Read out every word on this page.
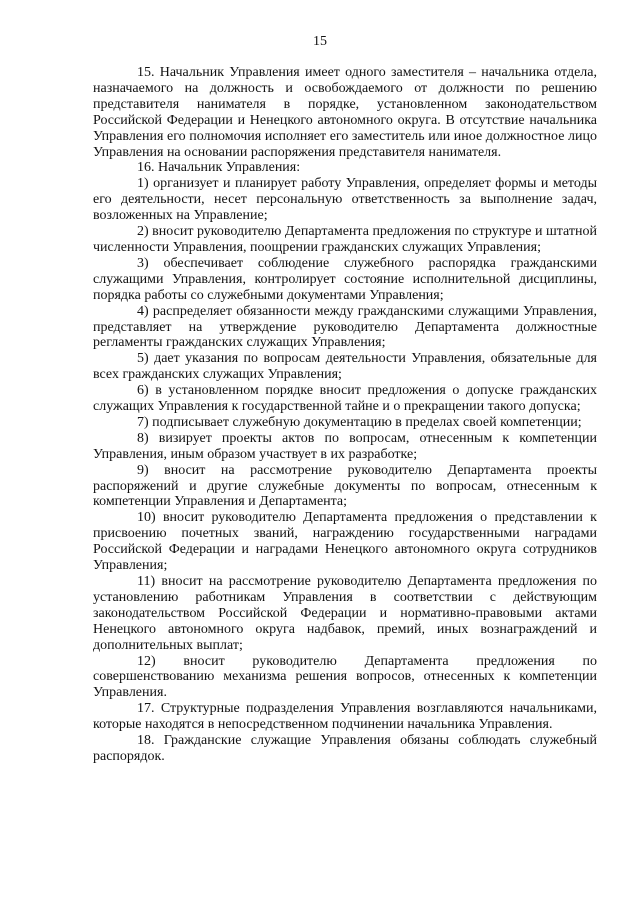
15

15. Начальник Управления имеет одного заместителя – начальника отдела, назначаемого на должность и освобождаемого от должности по решению представителя нанимателя в порядке, установленном законодательством Российской Федерации и Ненецкого автономного округа. В отсутствие начальника Управления его полномочия исполняет его заместитель или иное должностное лицо Управления на основании распоряжения представителя нанимателя.

16. Начальник Управления:

1) организует и планирует работу Управления, определяет формы и методы его деятельности, несет персональную ответственность за выполнение задач, возложенных на Управление;

2) вносит руководителю Департамента предложения по структуре и штатной численности Управления, поощрении гражданских служащих Управления;

3) обеспечивает соблюдение служебного распорядка гражданскими служащими Управления, контролирует состояние исполнительной дисциплины, порядка работы со служебными документами Управления;

4) распределяет обязанности между гражданскими служащими Управления, представляет на утверждение руководителю Департамента должностные регламенты гражданских служащих Управления;

5) дает указания по вопросам деятельности Управления, обязательные для всех гражданских служащих Управления;

6) в установленном порядке вносит предложения о допуске гражданских служащих Управления к государственной тайне и о прекращении такого допуска;

7) подписывает служебную документацию в пределах своей компетенции;

8) визирует проекты актов по вопросам, отнесенным к компетенции Управления, иным образом участвует в их разработке;

9) вносит на рассмотрение руководителю Департамента проекты распоряжений и другие служебные документы по вопросам, отнесенным к компетенции Управления и Департамента;

10) вносит руководителю Департамента предложения о представлении к присвоению почетных званий, награждению государственными наградами Российской Федерации и наградами Ненецкого автономного округа сотрудников Управления;

11) вносит на рассмотрение руководителю Департамента предложения по установлению работникам Управления в соответствии с действующим законодательством Российской Федерации и нормативно-правовыми актами Ненецкого автономного округа надбавок, премий, иных вознаграждений и дополнительных выплат;

12) вносит руководителю Департамента предложения по совершенствованию механизма решения вопросов, отнесенных к компетенции Управления.

17. Структурные подразделения Управления возглавляются начальниками, которые находятся в непосредственном подчинении начальника Управления.

18. Гражданские служащие Управления обязаны соблюдать служебный распорядок.
